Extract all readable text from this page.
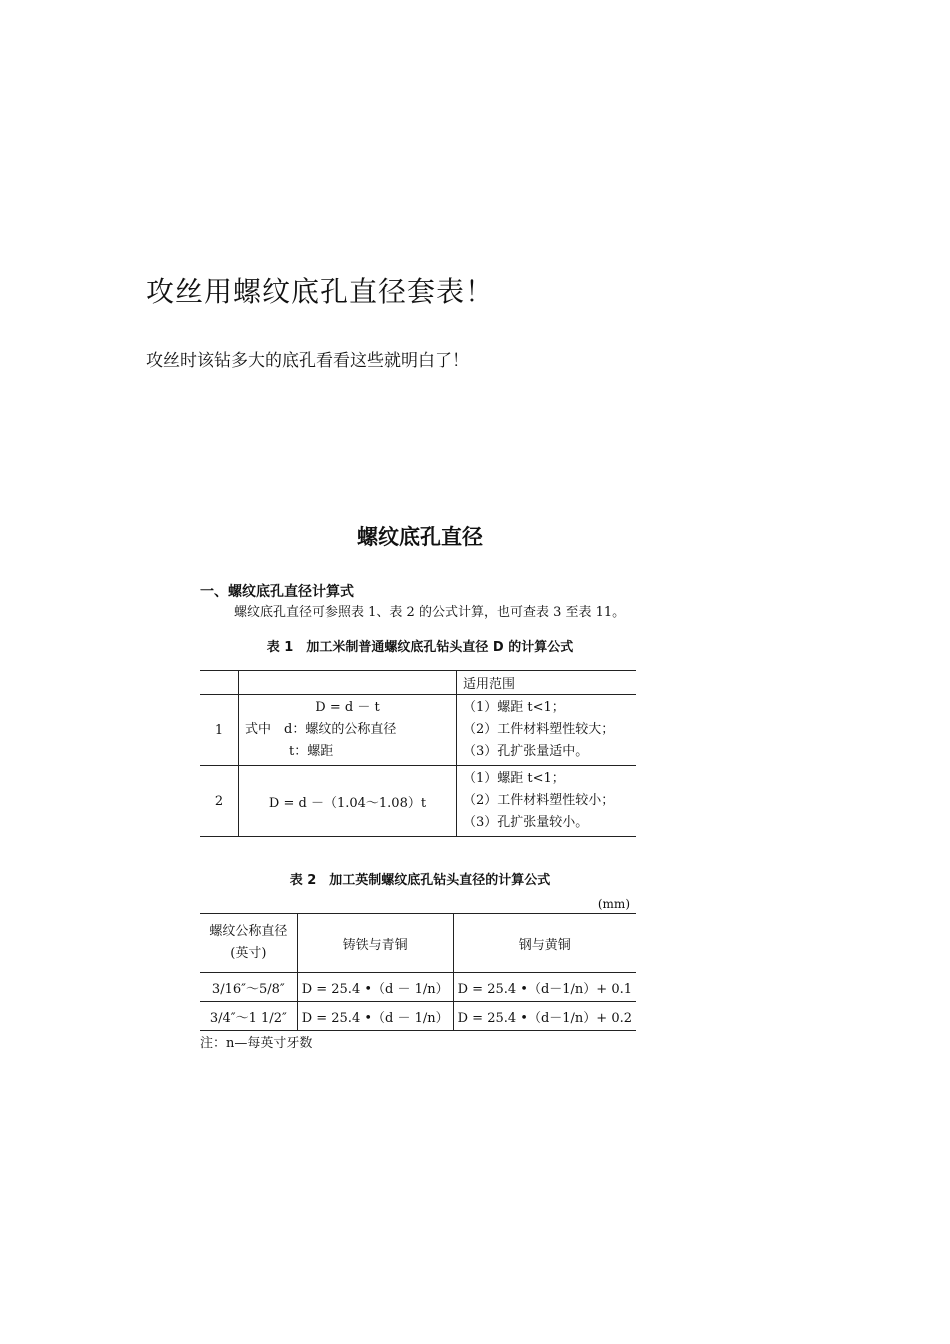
攻丝用螺纹底孔直径套表！
攻丝时该钻多大的底孔看看这些就明白了！
螺纹底孔直径
一、螺纹底孔直径计算式
螺纹底孔直径可参照表 1、表 2 的公式计算，也可查表 3 至表 11。
表 1　加工米制普通螺纹底孔钻头直径 D 的计算公式
		适用范围
1	D = d － t
式中　d：螺纹的公称直径
t：螺距	（1）螺距 t<1；
（2）工件材料塑性较大；
（3）孔扩张量适中。

2	D = d －（1.04～1.08）t	（1）螺距 t<1；
（2）工件材料塑性较小；
（3）孔扩张量较小。
表 2　加工英制螺纹底孔钻头直径的计算公式
(mm)
螺纹公称直径
(英寸)	铸铁与青铜	钢与黄铜
3/16″～5/8″	D = 25.4 •（d － 1/n）	D = 25.4 •（d－1/n）+ 0.1
3/4″～1 1/2″	D = 25.4 •（d － 1/n）	D = 25.4 •（d－1/n）+ 0.2
注：n—每英寸牙数
